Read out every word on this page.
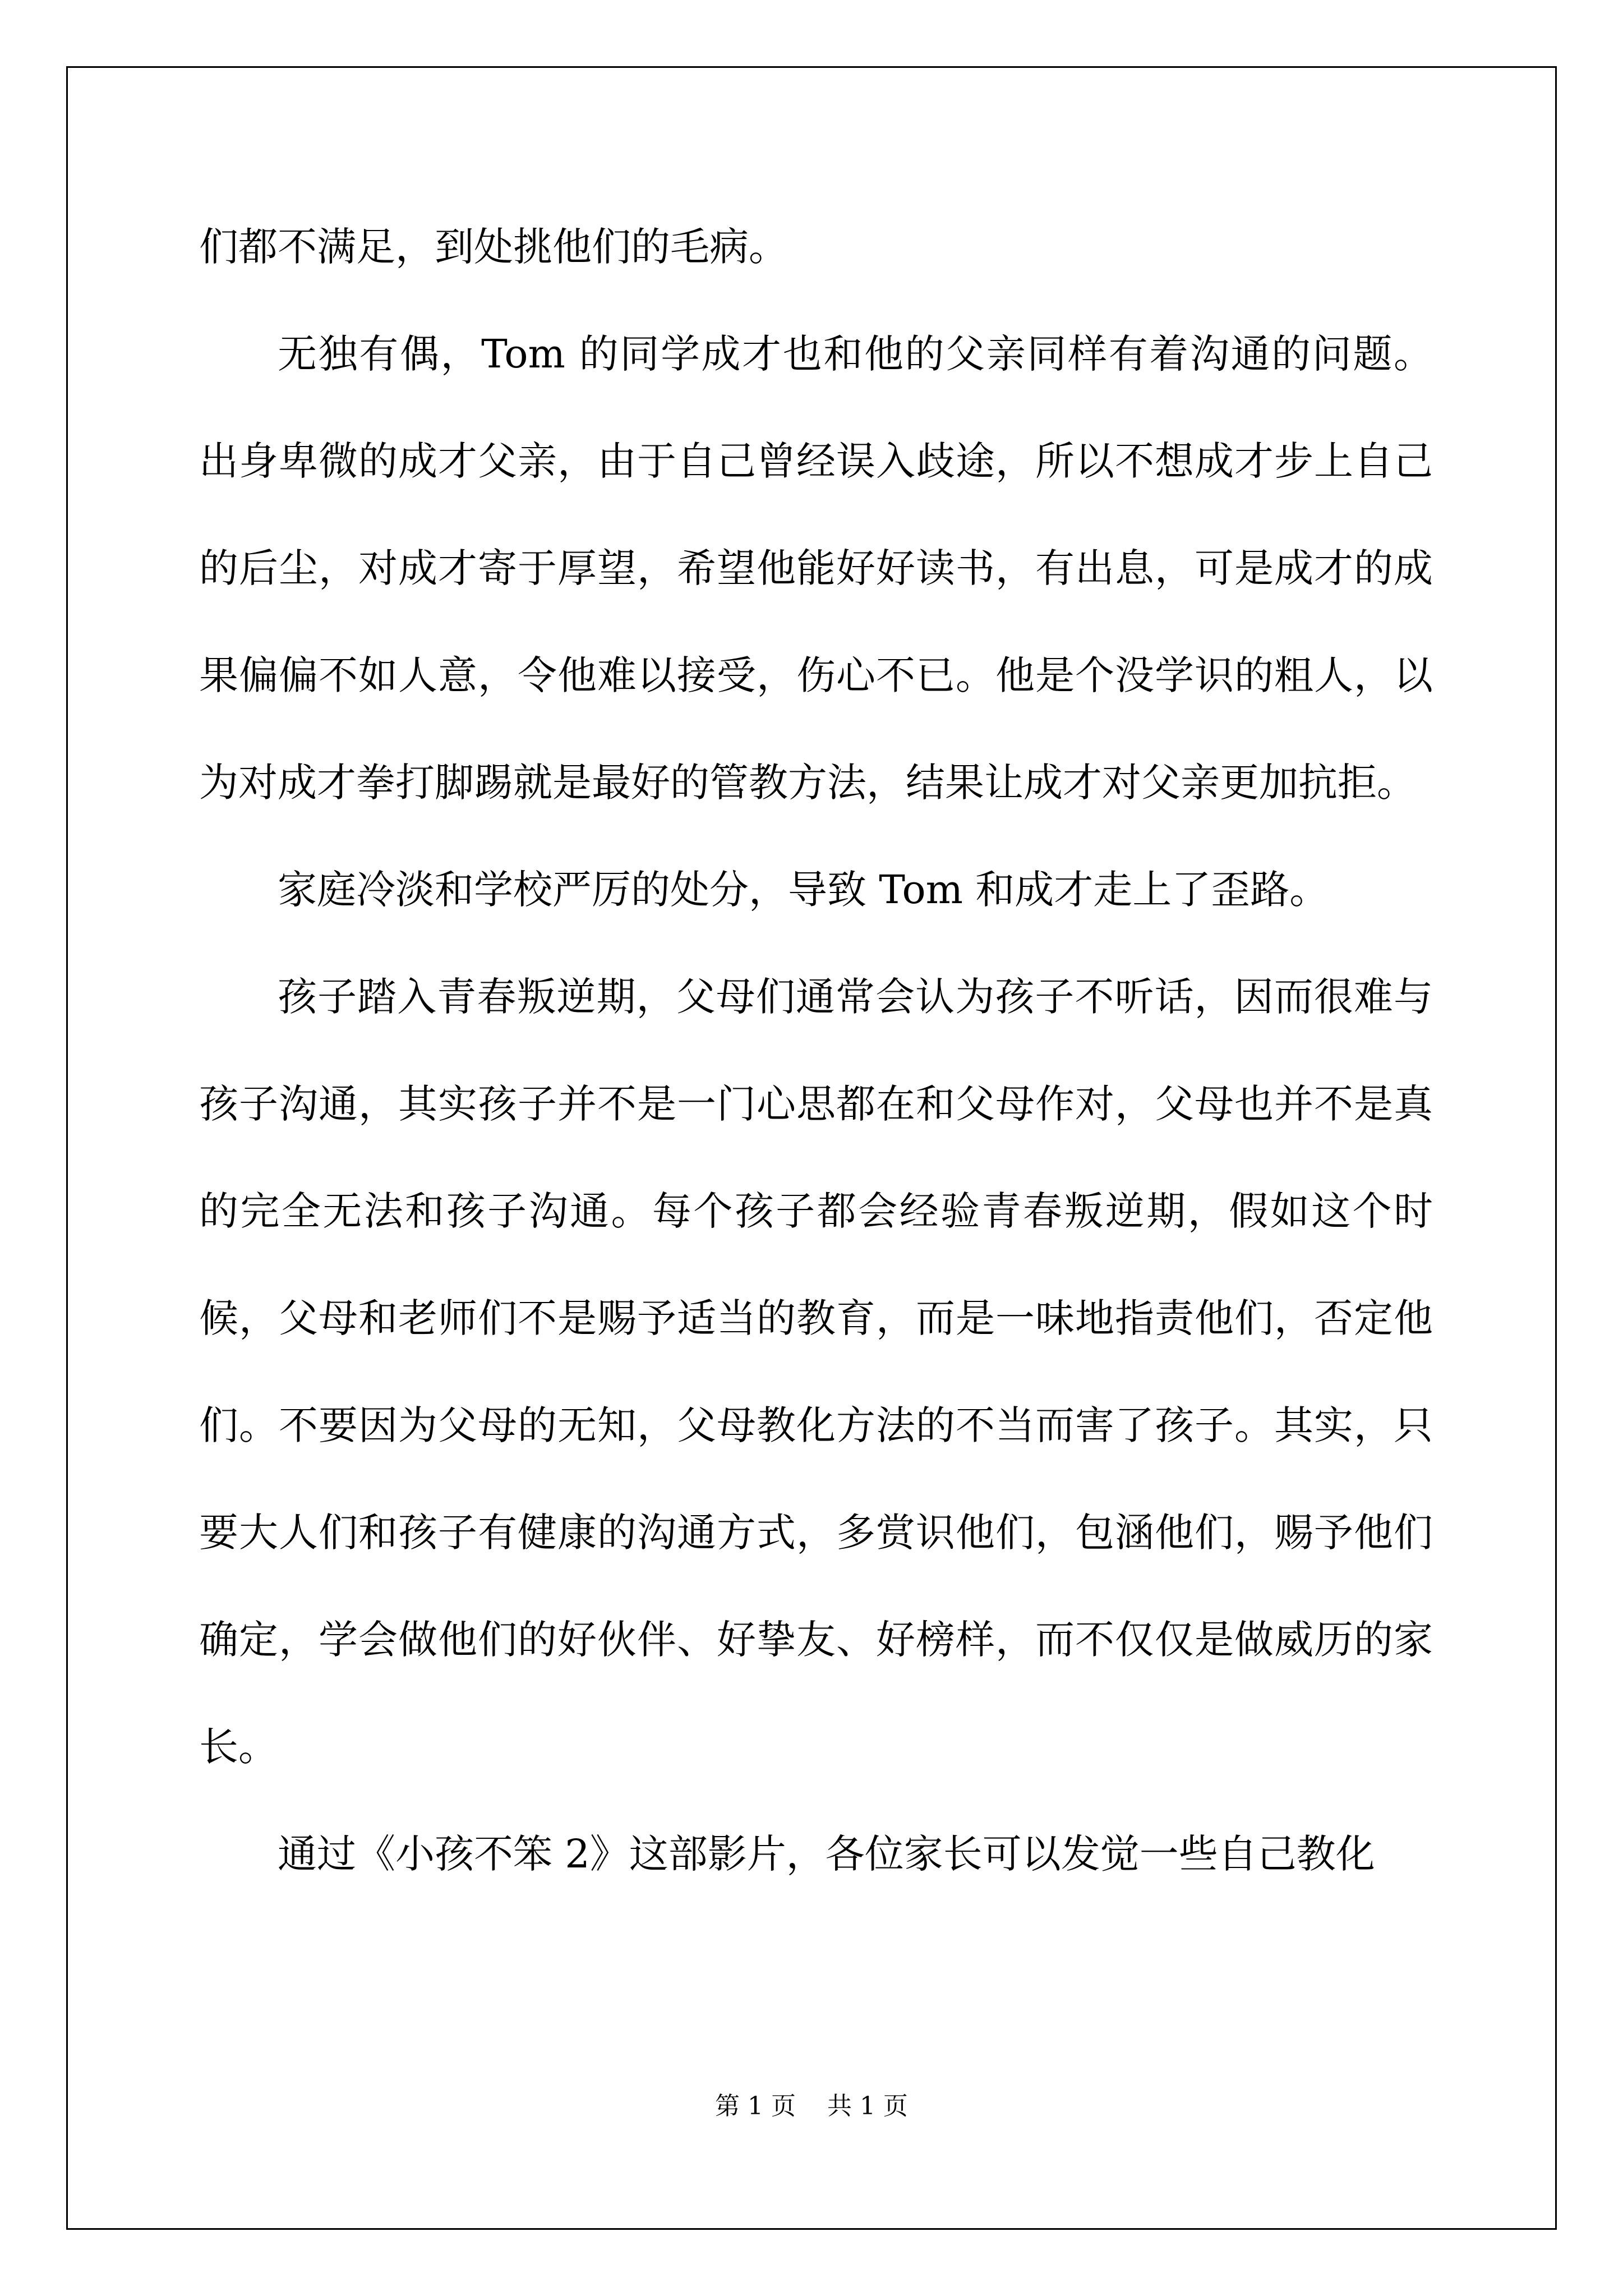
们都不满足，到处挑他们的毛病。

无独有偶，Tom 的同学成才也和他的父亲同样有着沟通的问题。出身卑微的成才父亲，由于自己曾经误入歧途，所以不想成才步上自己的后尘，对成才寄于厚望，希望他能好好读书，有出息，可是成才的成果偏偏不如人意，令他难以接受，伤心不已。他是个没学识的粗人，以为对成才拳打脚踢就是最好的管教方法，结果让成才对父亲更加抗拒。

家庭冷淡和学校严厉的处分，导致 Tom 和成才走上了歪路。

孩子踏入青春叛逆期，父母们通常会认为孩子不听话，因而很难与孩子沟通，其实孩子并不是一门心思都在和父母作对，父母也并不是真的完全无法和孩子沟通。每个孩子都会经验青春叛逆期，假如这个时候，父母和老师们不是赐予适当的教育，而是一味地指责他们，否定他们。不要因为父母的无知，父母教化方法的不当而害了孩子。其实，只要大人们和孩子有健康的沟通方式，多赏识他们，包涵他们，赐予他们确定，学会做他们的好伙伴、好挚友、好榜样，而不仅仅是做威历的家长。

通过《小孩不笨 2》这部影片，各位家长可以发觉一些自己教化

第 1 页    共 1 页
